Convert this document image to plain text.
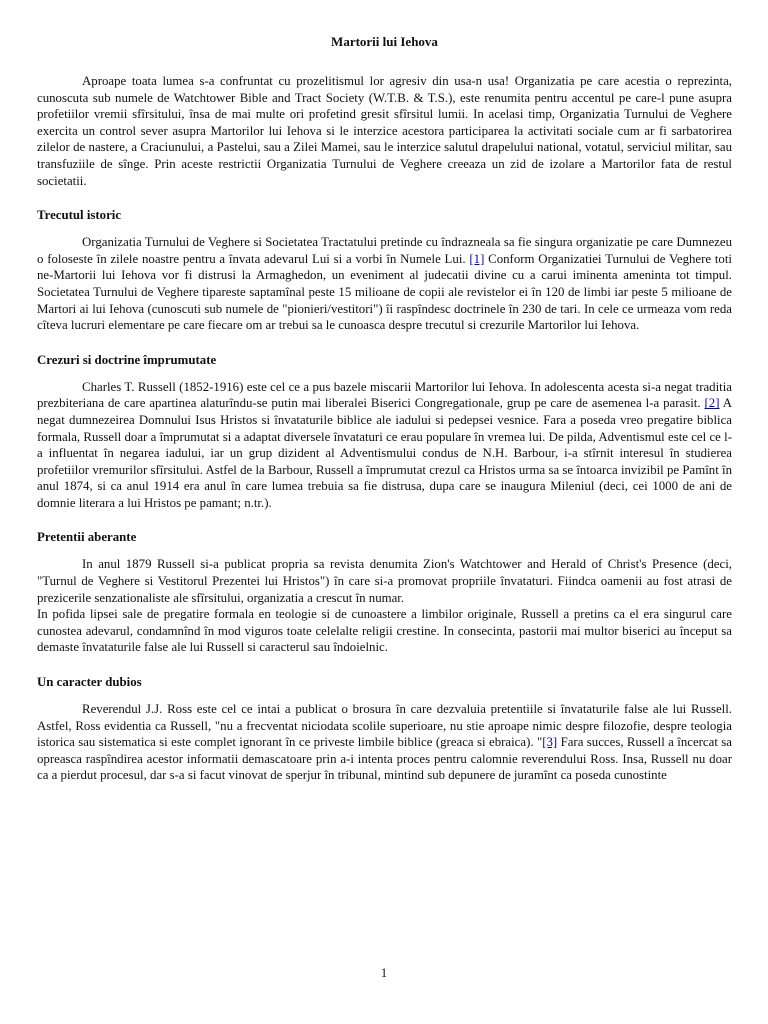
Martorii lui Iehova

Aproape toata lumea s-a confruntat cu prozelitismul lor agresiv din usa-n usa! Organizatia pe care acestia o reprezinta, cunoscuta sub numele de Watchtower Bible and Tract Society (W.T.B. & T.S.), este renumita pentru accentul pe care-l pune asupra profetiilor vremii sfîrsitului, însa de mai multe ori profetind gresit sfîrsitul lumii. In acelasi timp, Organizatia Turnului de Veghere exercita un control sever asupra Martorilor lui Iehova si le interzice acestora participarea la activitati sociale cum ar fi sarbatorirea zilelor de nastere, a Craciunului, a Pastelui, sau a Zilei Mamei, sau le interzice salutul drapelului national, votatul, serviciul militar, sau transfuziile de sînge. Prin aceste restrictii Organizatia Turnului de Veghere creeaza un zid de izolare a Martorilor fata de restul societatii.

Trecutul istoric

Organizatia Turnului de Veghere si Societatea Tractatului pretinde cu îndrazneala sa fie singura organizatie pe care Dumnezeu o foloseste în zilele noastre pentru a învata adevarul Lui si a vorbi în Numele Lui. [1] Conform Organizatiei Turnului de Veghere toti ne-Martorii lui Iehova vor fi distrusi la Armaghedon, un eveniment al judecatii divine cu a carui iminenta ameninta tot timpul. Societatea Turnului de Veghere tipareste saptamînal peste 15 milioane de copii ale revistelor ei în 120 de limbi iar peste 5 milioane de Martori ai lui Iehova (cunoscuti sub numele de "pionieri/vestitori") îi raspîndesc doctrinele în 230 de tari. In cele ce urmeaza vom reda cîteva lucruri elementare pe care fiecare om ar trebui sa le cunoasca despre trecutul si crezurile Martorilor lui Iehova.

Crezuri si doctrine împrumutate

Charles T. Russell (1852-1916) este cel ce a pus bazele miscarii Martorilor lui Iehova. In adolescenta acesta si-a negat traditia prezbiteriana de care apartinea alaturîndu-se putin mai liberalei Biserici Congregationale, grup pe care de asemenea l-a parasit. [2] A negat dumnezeirea Domnului Isus Hristos si învataturile biblice ale iadului si pedepsei vesnice. Fara a poseda vreo pregatire biblica formala, Russell doar a împrumutat si a adaptat diversele învataturi ce erau populare în vremea lui. De pilda, Adventismul este cel ce l-a influentat în negarea iadului, iar un grup dizident al Adventismului condus de N.H. Barbour, i-a stîrnit interesul în studierea profetiilor vremurilor sfîrsitului. Astfel de la Barbour, Russell a împrumutat crezul ca Hristos urma sa se întoarca invizibil pe Pamînt în anul 1874, si ca anul 1914 era anul în care lumea trebuia sa fie distrusa, dupa care se inaugura Mileniul (deci, cei 1000 de ani de domnie literara a lui Hristos pe pamant; n.tr.).

Pretentii aberante

In anul 1879 Russell si-a publicat propria sa revista denumita Zion's Watchtower and Herald of Christ's Presence (deci, "Turnul de Veghere si Vestitorul Prezentei lui Hristos") în care si-a promovat propriile învataturi. Fiindca oamenii au fost atrasi de prezicerile senzationaliste ale sfîrsitului, organizatia a crescut în numar.

In pofida lipsei sale de pregatire formala en teologie si de cunoastere a limbilor originale, Russell a pretins ca el era singurul care cunostea adevarul, condamnînd în mod viguros toate celelalte religii crestine. In consecinta, pastorii mai multor biserici au început sa demaste învataturile false ale lui Russell si caracterul sau îndoielnic.

Un caracter dubios

Reverendul J.J. Ross este cel ce intai a publicat o brosura în care dezvaluia pretentiile si învataturile false ale lui Russell. Astfel, Ross evidentia ca Russell, "nu a frecventat niciodata scolile superioare, nu stie aproape nimic despre filozofie, despre teologia istorica sau sistematica si este complet ignorant în ce priveste limbile biblice (greaca si ebraica). "[3] Fara succes, Russell a încercat sa opreasca raspîndirea acestor informatii demascatoare prin a-i intenta proces pentru calomnie reverendului Ross. Insa, Russell nu doar ca a pierdut procesul, dar s-a si facut vinovat de sperjur în tribunal, mintind sub depunere de juramînt ca poseda cunostinte

1
